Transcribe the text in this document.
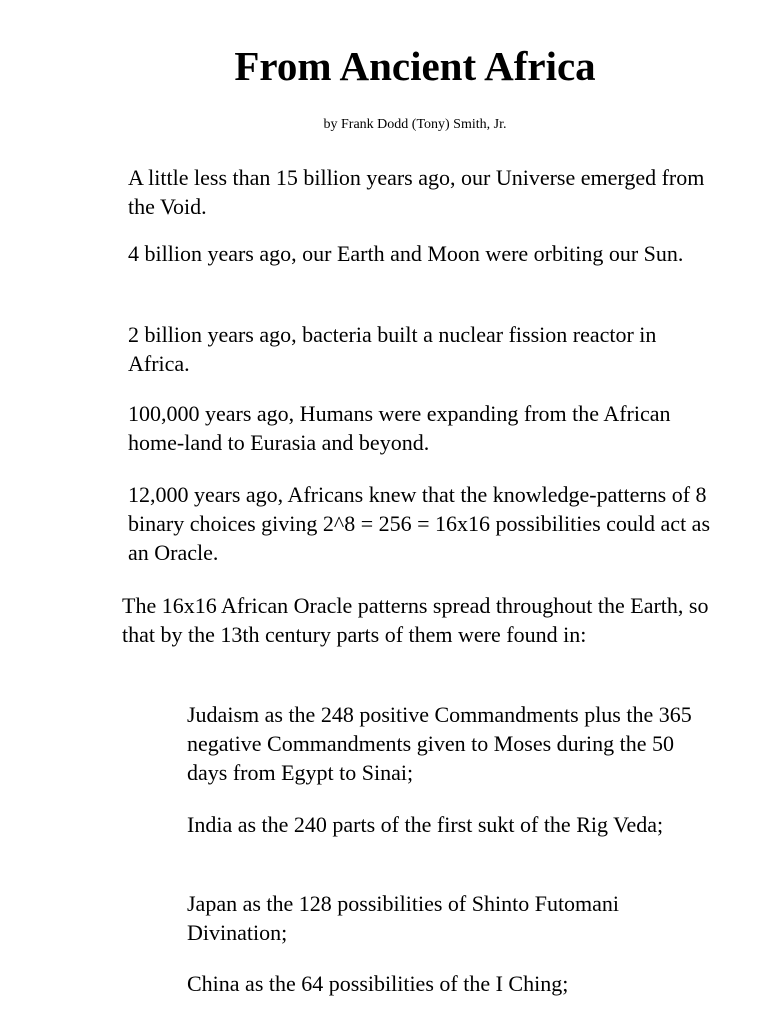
From Ancient Africa

by Frank Dodd (Tony) Smith, Jr.

A little less than 15 billion years ago, our Universe emerged from the Void.

4 billion years ago, our Earth and Moon were orbiting our Sun.

2 billion years ago, bacteria built a nuclear fission reactor in Africa.

100,000 years ago, Humans were expanding from the African home-land to Eurasia and beyond.

12,000 years ago, Africans knew that the knowledge-patterns of 8 binary choices giving 2^8 = 256 = 16x16 possibilities could act as an Oracle.

The 16x16 African Oracle patterns spread throughout the Earth, so that by the 13th century parts of them were found in:

Judaism as the 248 positive Commandments plus the 365 negative Commandments given to Moses during the 50 days from Egypt to Sinai;

India as the 240 parts of the first sukt of the Rig Veda;

Japan as the 128 possibilities of Shinto Futomani Divination;

China as the 64 possibilities of the I Ching;
